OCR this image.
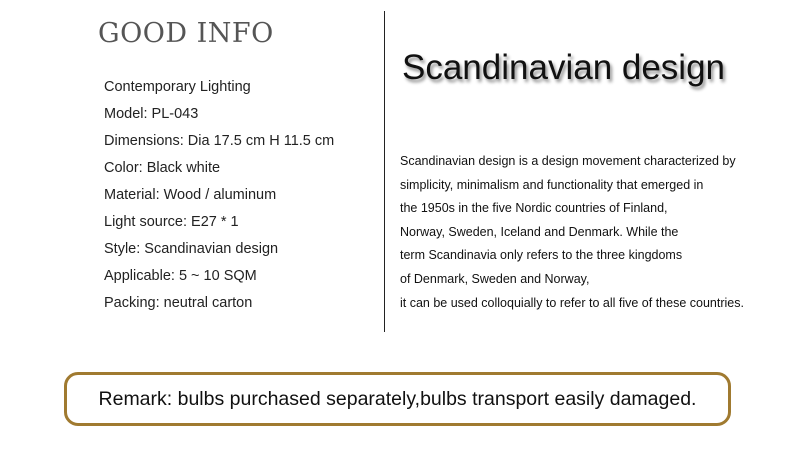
GOOD INFO
Contemporary Lighting
Model: PL-043
Dimensions: Dia 17.5 cm H 11.5 cm
Color: Black white
Material: Wood / aluminum
Light source: E27 * 1
Style: Scandinavian design
Applicable: 5 ~ 10 SQM
Packing: neutral carton
Scandinavian design
Scandinavian design is a design movement characterized by
simplicity, minimalism and functionality that emerged in
the 1950s in the five Nordic countries of Finland,
Norway, Sweden, Iceland and Denmark. While the
term Scandinavia only refers to the three kingdoms
of Denmark, Sweden and Norway,
it can be used colloquially to refer to all five of these countries.
Remark: bulbs purchased separately,bulbs transport easily damaged.
